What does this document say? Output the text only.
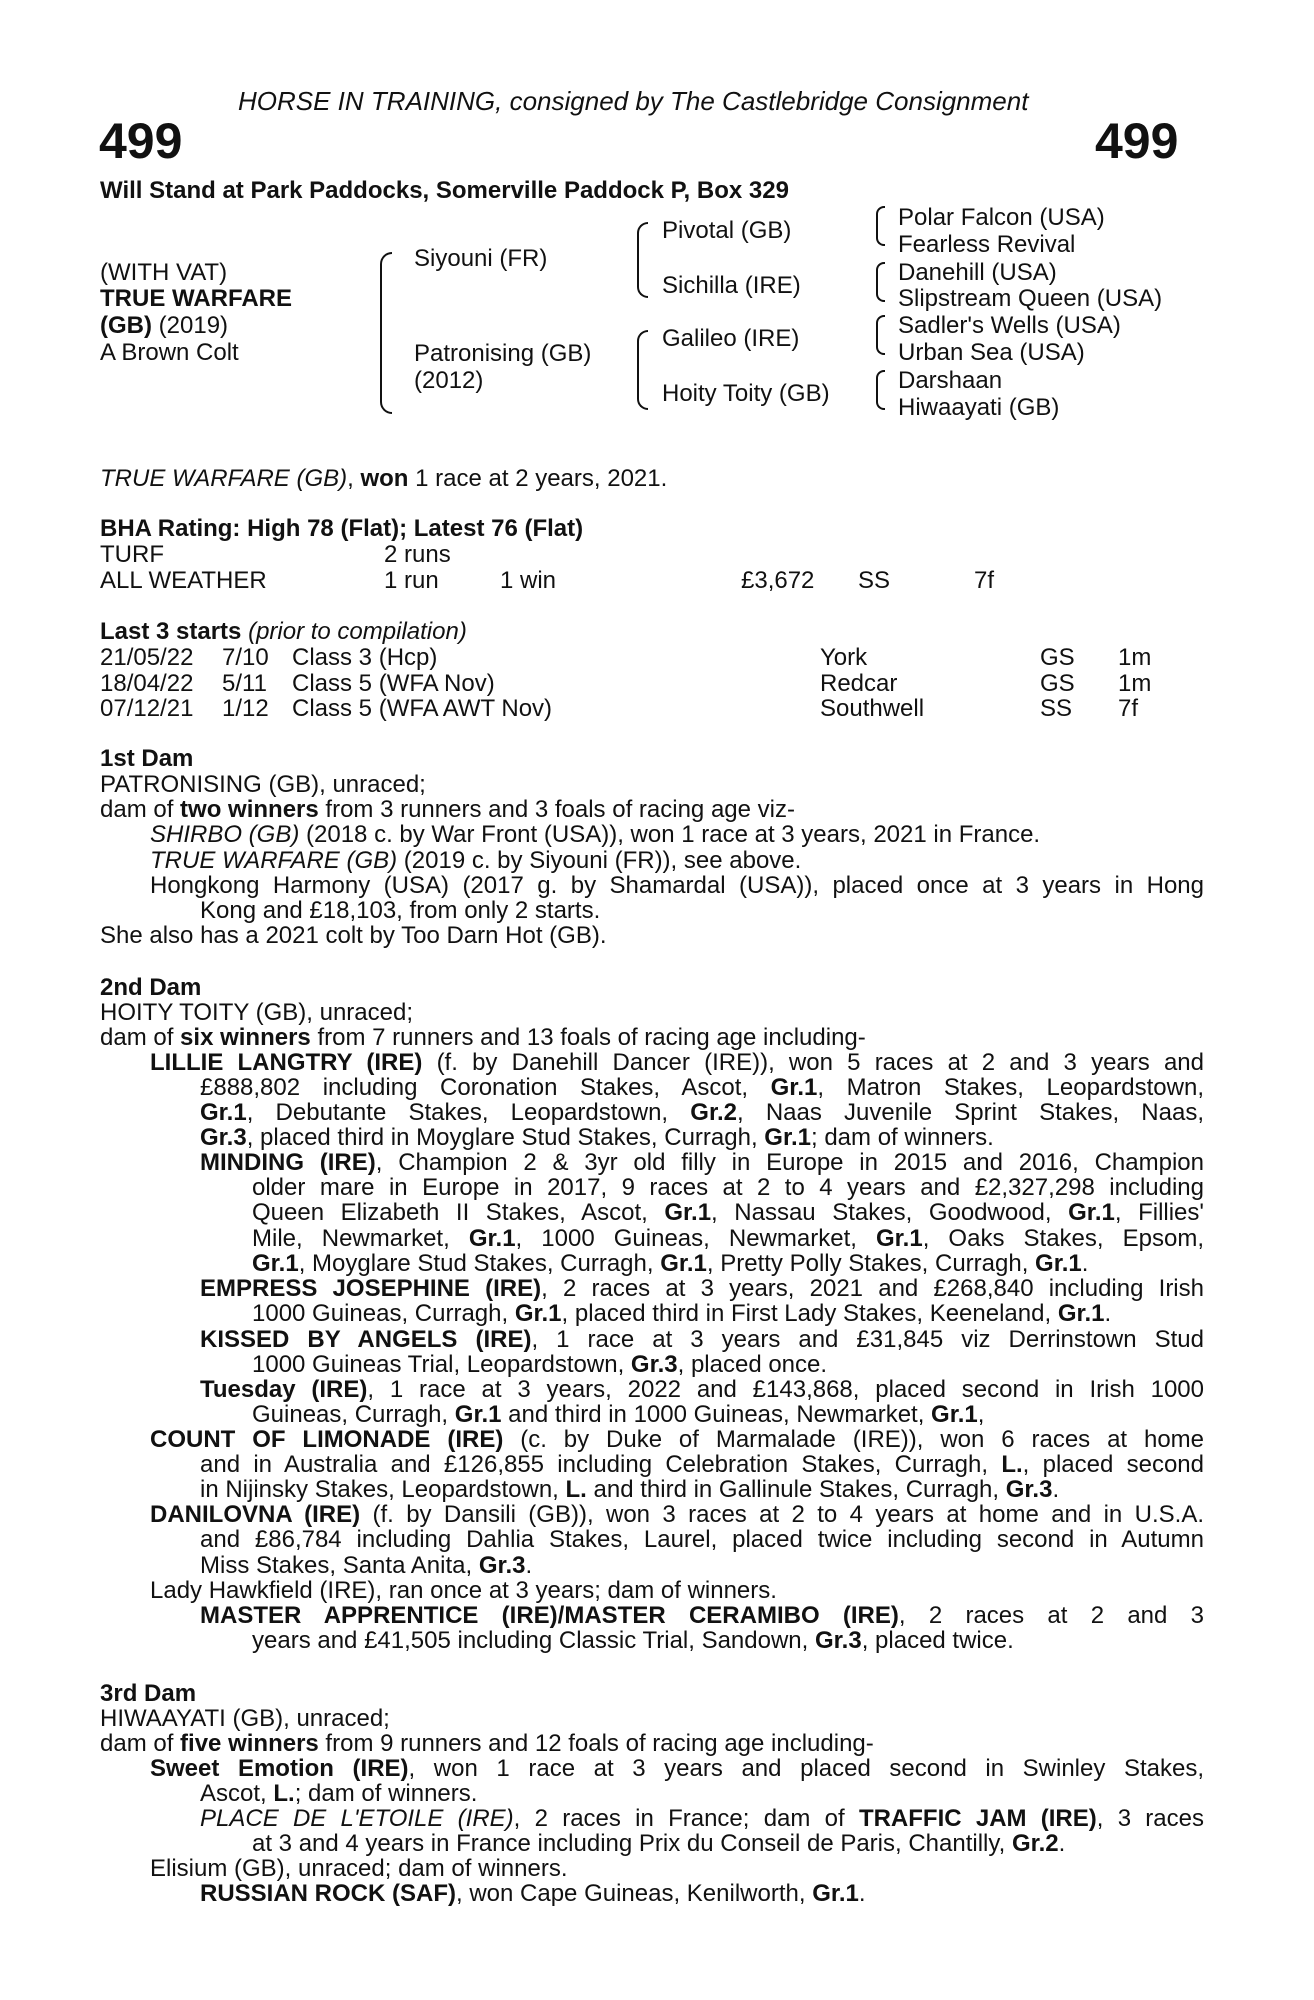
HORSE IN TRAINING, consigned by The Castlebridge Consignment
499	499
Will Stand at Park Paddocks, Somerville Paddock P, Box 329
(WITH VAT)
TRUE WARFARE
(GB) (2019)
A Brown Colt
Siyouni (FR)
Patronising (GB)
(2012)
Pivotal (GB)
Sichilla (IRE)
Galileo (IRE)
Hoity Toity (GB)
Polar Falcon (USA)
Fearless Revival
Danehill (USA)
Slipstream Queen (USA)
Sadler's Wells (USA)
Urban Sea (USA)
Darshaan
Hiwaayati (GB)
TRUE WARFARE (GB), won 1 race at 2 years, 2021.
BHA Rating: High 78 (Flat); Latest 76 (Flat)
TURF	2 runs
ALL WEATHER	1 run	1 win	£3,672 SS	7f
Last 3 starts (prior to compilation)
21/05/22 7/10 Class 3 (Hcp)	York	GS 1m
18/04/22 5/11 Class 5 (WFA Nov)	Redcar	GS 1m
07/12/21 1/12 Class 5 (WFA AWT Nov)	Southwell	SS 7f
1st Dam
PATRONISING (GB), unraced;
dam of two winners from 3 runners and 3 foals of racing age viz-
SHIRBO (GB) (2018 c. by War Front (USA)), won 1 race at 3 years, 2021 in France.
TRUE WARFARE (GB) (2019 c. by Siyouni (FR)), see above.
Hongkong Harmony (USA) (2017 g. by Shamardal (USA)), placed once at 3 years in Hong
Kong and £18,103, from only 2 starts.
She also has a 2021 colt by Too Darn Hot (GB).
2nd Dam
HOITY TOITY (GB), unraced;
dam of six winners from 7 runners and 13 foals of racing age including-
LILLIE LANGTRY (IRE) (f. by Danehill Dancer (IRE)), won 5 races at 2 and 3 years and
£888,802 including Coronation Stakes, Ascot, Gr.1, Matron Stakes, Leopardstown,
Gr.1, Debutante Stakes, Leopardstown, Gr.2, Naas Juvenile Sprint Stakes, Naas,
Gr.3, placed third in Moyglare Stud Stakes, Curragh, Gr.1; dam of winners.
MINDING (IRE), Champion 2 & 3yr old filly in Europe in 2015 and 2016, Champion
older mare in Europe in 2017, 9 races at 2 to 4 years and £2,327,298 including
Queen Elizabeth II Stakes, Ascot, Gr.1, Nassau Stakes, Goodwood, Gr.1, Fillies'
Mile, Newmarket, Gr.1, 1000 Guineas, Newmarket, Gr.1, Oaks Stakes, Epsom,
Gr.1, Moyglare Stud Stakes, Curragh, Gr.1, Pretty Polly Stakes, Curragh, Gr.1.
EMPRESS JOSEPHINE (IRE), 2 races at 3 years, 2021 and £268,840 including Irish
1000 Guineas, Curragh, Gr.1, placed third in First Lady Stakes, Keeneland, Gr.1.
KISSED BY ANGELS (IRE), 1 race at 3 years and £31,845 viz Derrinstown Stud
1000 Guineas Trial, Leopardstown, Gr.3, placed once.
Tuesday (IRE), 1 race at 3 years, 2022 and £143,868, placed second in Irish 1000
Guineas, Curragh, Gr.1 and third in 1000 Guineas, Newmarket, Gr.1,
COUNT OF LIMONADE (IRE) (c. by Duke of Marmalade (IRE)), won 6 races at home
and in Australia and £126,855 including Celebration Stakes, Curragh, L., placed second
in Nijinsky Stakes, Leopardstown, L. and third in Gallinule Stakes, Curragh, Gr.3.
DANILOVNA (IRE) (f. by Dansili (GB)), won 3 races at 2 to 4 years at home and in U.S.A.
and £86,784 including Dahlia Stakes, Laurel, placed twice including second in Autumn
Miss Stakes, Santa Anita, Gr.3.
Lady Hawkfield (IRE), ran once at 3 years; dam of winners.
MASTER APPRENTICE (IRE)/MASTER CERAMIBO (IRE), 2 races at 2 and 3
years and £41,505 including Classic Trial, Sandown, Gr.3, placed twice.
3rd Dam
HIWAAYATI (GB), unraced;
dam of five winners from 9 runners and 12 foals of racing age including-
Sweet Emotion (IRE), won 1 race at 3 years and placed second in Swinley Stakes,
Ascot, L.; dam of winners.
PLACE DE L'ETOILE (IRE), 2 races in France; dam of TRAFFIC JAM (IRE), 3 races
at 3 and 4 years in France including Prix du Conseil de Paris, Chantilly, Gr.2.
Elisium (GB), unraced; dam of winners.
RUSSIAN ROCK (SAF), won Cape Guineas, Kenilworth, Gr.1.
